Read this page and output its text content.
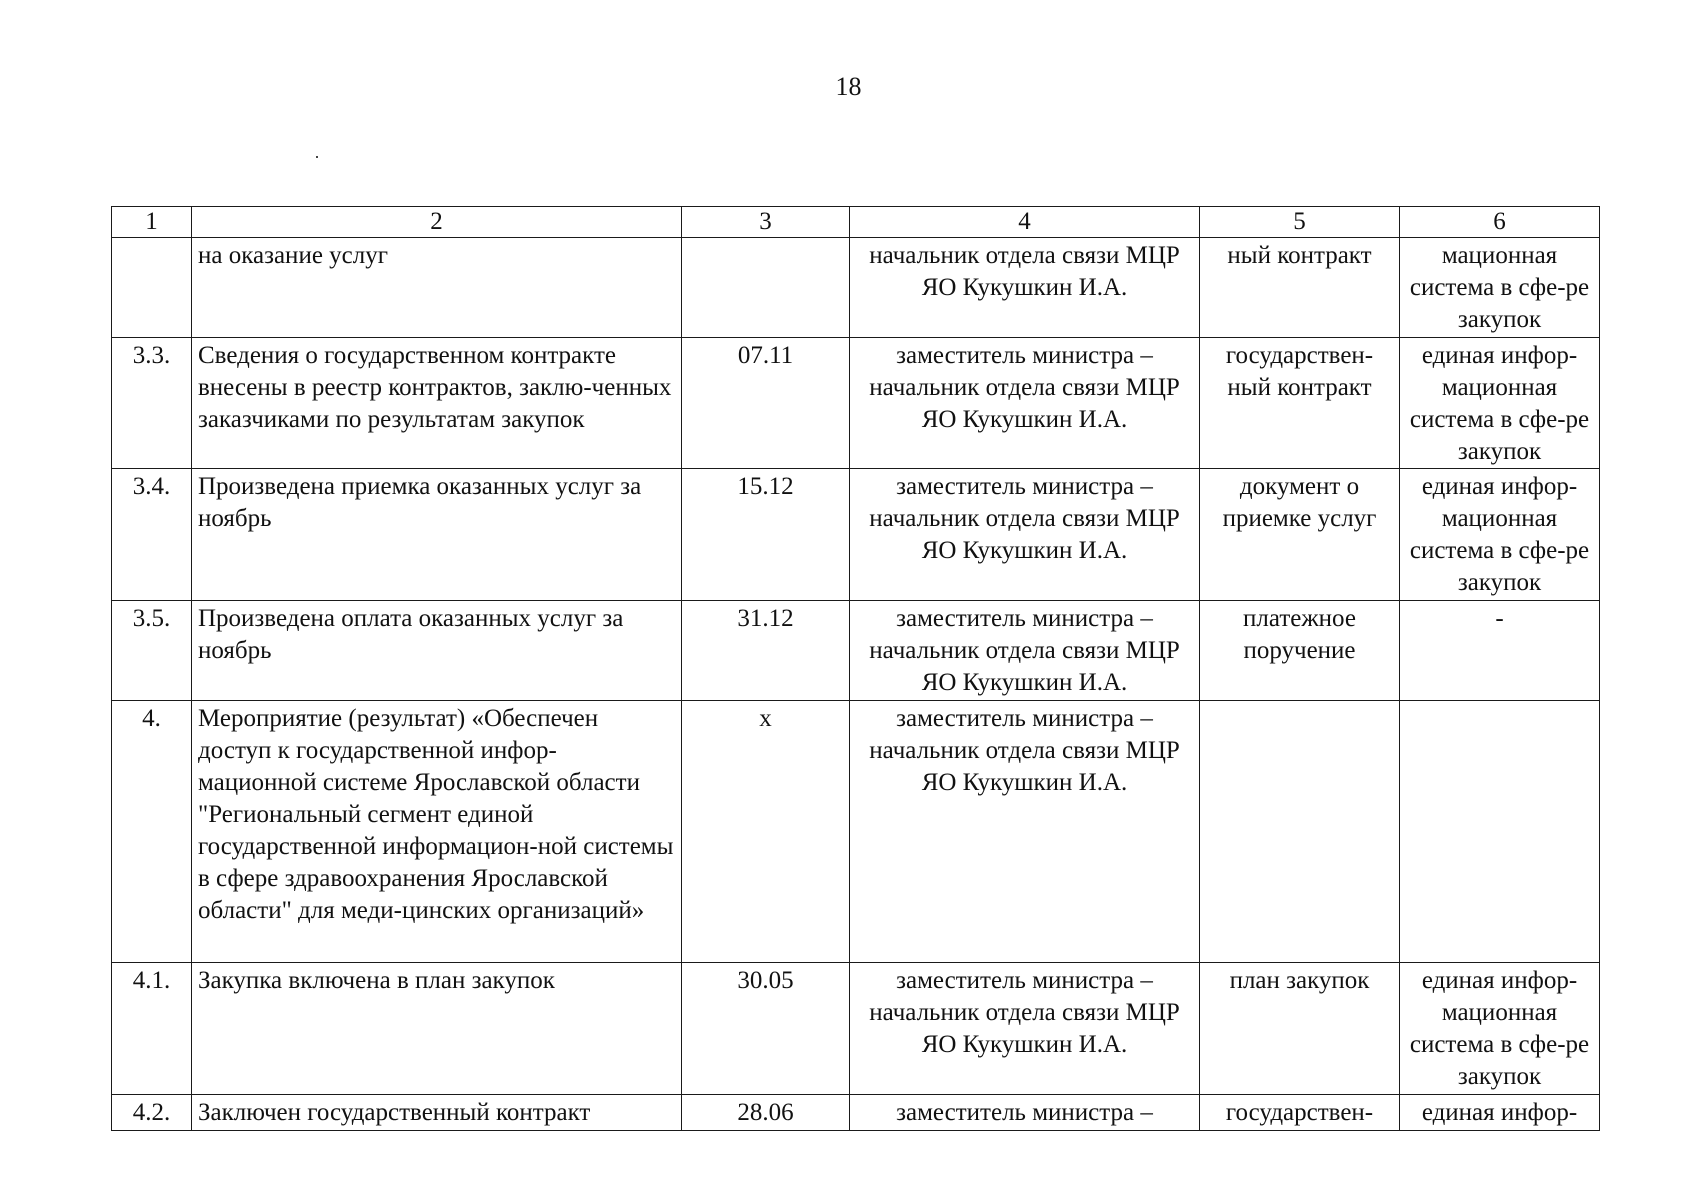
18
1	2	3	4	5	6
	на оказание услуг		начальник отдела связи МЦР ЯО Кукушкин И.А.	ный контракт	мационная система в сфе-ре закупок
3.3.	Сведения о государственном контракте внесены в реестр контрактов, заклю-ченных заказчиками по результатам закупок	07.11	заместитель министра – начальник отдела связи МЦР ЯО Кукушкин И.А.	государствен-ный контракт	единая инфор-мационная система в сфе-ре закупок
3.4.	Произведена приемка оказанных услуг за ноябрь	15.12	заместитель министра – начальник отдела связи МЦР ЯО Кукушкин И.А.	документ о приемке услуг	единая инфор-мационная система в сфе-ре закупок
3.5.	Произведена оплата оказанных услуг за ноябрь	31.12	заместитель министра – начальник отдела связи МЦР ЯО Кукушкин И.А.	платежное поручение	-
4.	Мероприятие (результат) «Обеспечен доступ к государственной инфор-мационной системе Ярославской области "Региональный сегмент единой государственной информацион-ной системы в сфере здравоохранения Ярославской области" для меди-цинских организаций»	x	заместитель министра – начальник отдела связи МЦР ЯО Кукушкин И.А.		
4.1.	Закупка включена в план закупок	30.05	заместитель министра – начальник отдела связи МЦР ЯО Кукушкин И.А.	план закупок	единая инфор-мационная система в сфе-ре закупок
4.2.	Заключен государственный контракт	28.06	заместитель министра –	государствен-	единая инфор-
